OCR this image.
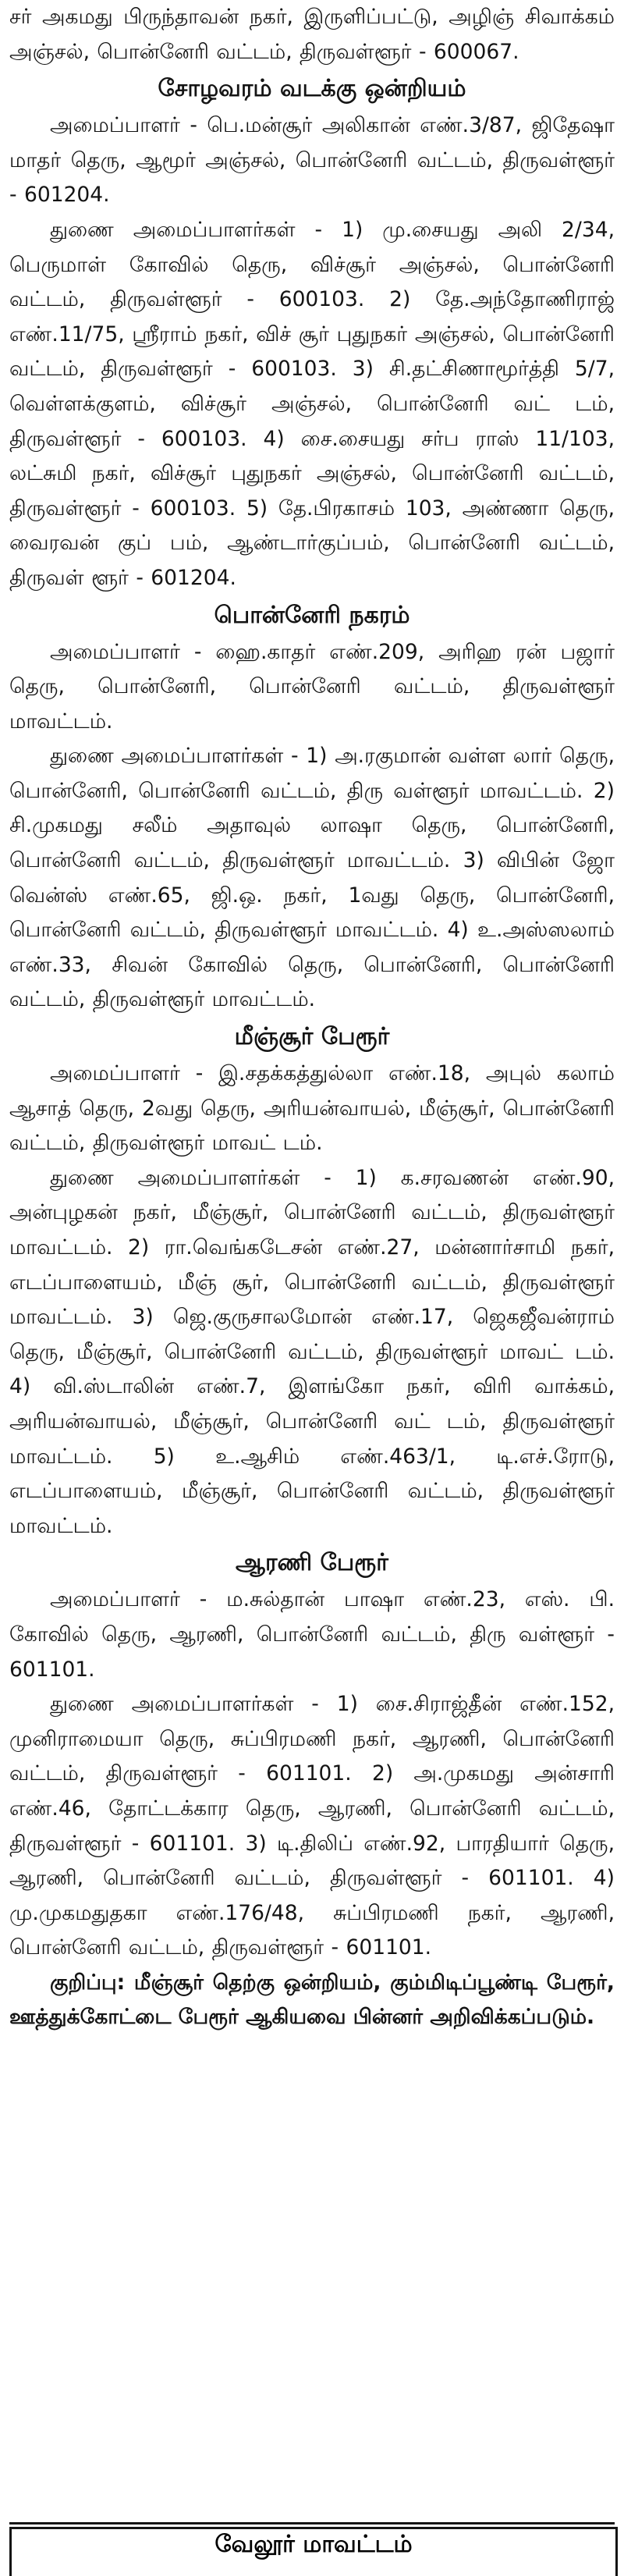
சர் அகமது பிருந்தாவன் நகர், இருளிப்பட்டு, அழிஞ் சிவாக்கம் அஞ்சல், பொன்னேரி வட்டம், திருவள்ளூர் - 600067.

சோழவரம் வடக்கு ஒன்றியம்

அமைப்பாளர் - பெ.மன்சூர் அலிகான் எண்.3/87, ஜிதேஷா மாதர் தெரு, ஆமூர் அஞ்சல், பொன்னேரி வட்டம், திருவள்ளூர் - 601204.

துணை அமைப்பாளர்கள் - 1) மு.சையது அலி 2/34, பெருமாள் கோவில் தெரு, விச்சூர் அஞ்சல், பொன்னேரி வட்டம், திருவள்ளூர் - 600103. 2) தே.அந்தோணிராஜ் எண்.11/75, ஸ்ரீராம் நகர், விச் சூர் புதுநகர் அஞ்சல், பொன்னேரி வட்டம், திருவள்ளூர் - 600103. 3) சி.தட்சிணாமூர்த்தி 5/7, வெள்ளக்குளம், விச்சூர் அஞ்சல், பொன்னேரி வட் டம், திருவள்ளூர் - 600103. 4) சை.சையது சர்ப ராஸ் 11/103, லட்சுமி நகர், விச்சூர் புதுநகர் அஞ்சல், பொன்னேரி வட்டம், திருவள்ளூர் - 600103. 5) தே.பிரகாசம் 103, அண்ணா தெரு, வைரவன் குப் பம், ஆண்டார்குப்பம், பொன்னேரி வட்டம், திருவள் ளூர் - 601204.

பொன்னேரி நகரம்

அமைப்பாளர் - ஹை.காதர் எண்.209, அரிஹ ரன் பஜார் தெரு, பொன்னேரி, பொன்னேரி வட்டம், திருவள்ளூர் மாவட்டம்.

துணை அமைப்பாளர்கள் - 1) அ.ரகுமான் வள்ள லார் தெரு, பொன்னேரி, பொன்னேரி வட்டம், திரு வள்ளூர் மாவட்டம். 2) சி.முகமது சலீம் அதாவுல் லாஷா தெரு, பொன்னேரி, பொன்னேரி வட்டம், திருவள்ளூர் மாவட்டம். 3) விபின் ஜோ வென்ஸ் எண்.65, ஜி.ஒ. நகர், 1வது தெரு, பொன்னேரி, பொன்னேரி வட்டம், திருவள்ளூர் மாவட்டம். 4) உ.அஸ்ஸலாம் எண்.33, சிவன் கோவில் தெரு, பொன்னேரி, பொன்னேரி வட்டம், திருவள்ளூர் மாவட்டம்.

மீஞ்சூர் பேரூர்

அமைப்பாளர் - இ.சதக்கத்துல்லா எண்.18, அபுல் கலாம் ஆசாத் தெரு, 2வது தெரு, அரியன்வாயல், மீஞ்சூர், பொன்னேரி வட்டம், திருவள்ளூர் மாவட் டம்.

துணை அமைப்பாளர்கள் - 1) க.சரவணன் எண்.90, அன்புழகன் நகர், மீஞ்சூர், பொன்னேரி வட்டம், திருவள்ளூர் மாவட்டம். 2) ரா.வெங்கடேசன் எண்.27, மன்னார்சாமி நகர், எடப்பாளையம், மீஞ் சூர், பொன்னேரி வட்டம், திருவள்ளூர் மாவட்டம். 3) ஜெ.குருசாலமோன் எண்.17, ஜெகஜீவன்ராம் தெரு, மீஞ்சூர், பொன்னேரி வட்டம், திருவள்ளூர் மாவட் டம். 4) வி.ஸ்டாலின் எண்.7, இளங்கோ நகர், விரி வாக்கம், அரியன்வாயல், மீஞ்சூர், பொன்னேரி வட் டம், திருவள்ளூர் மாவட்டம். 5) உ.ஆசிம் எண்.463/1, டி.எச்.ரோடு, எடப்பாளையம், மீஞ்சூர், பொன்னேரி வட்டம், திருவள்ளூர் மாவட்டம்.

ஆரணி பேரூர்

அமைப்பாளர் - ம.சுல்தான் பாஷா எண்.23, எஸ். பி. கோவில் தெரு, ஆரணி, பொன்னேரி வட்டம், திரு வள்ளூர் - 601101.

துணை அமைப்பாளர்கள் - 1) சை.சிராஜ்தீன் எண்.152, முனிராமையா தெரு, சுப்பிரமணி நகர், ஆரணி, பொன்னேரி வட்டம், திருவள்ளூர் - 601101. 2) அ.முகமது அன்சாரி எண்.46, தோட்டக்கார தெரு, ஆரணி, பொன்னேரி வட்டம், திருவள்ளூர் - 601101. 3) டி.திலிப் எண்.92, பாரதியார் தெரு, ஆரணி, பொன்னேரி வட்டம், திருவள்ளூர் - 601101. 4) மு.முகமதுதகா எண்.176/48, சுப்பிரமணி நகர், ஆரணி, பொன்னேரி வட்டம், திருவள்ளூர் - 601101.

குறிப்பு: மீஞ்சூர் தெற்கு ஒன்றியம், கும்மிடிப்பூண்டி பேரூர், ஊத்துக்கோட்டை பேரூர் ஆகியவை பின்னர் அறிவிக்கப்படும்.

வேலூர் மாவட்டம்
